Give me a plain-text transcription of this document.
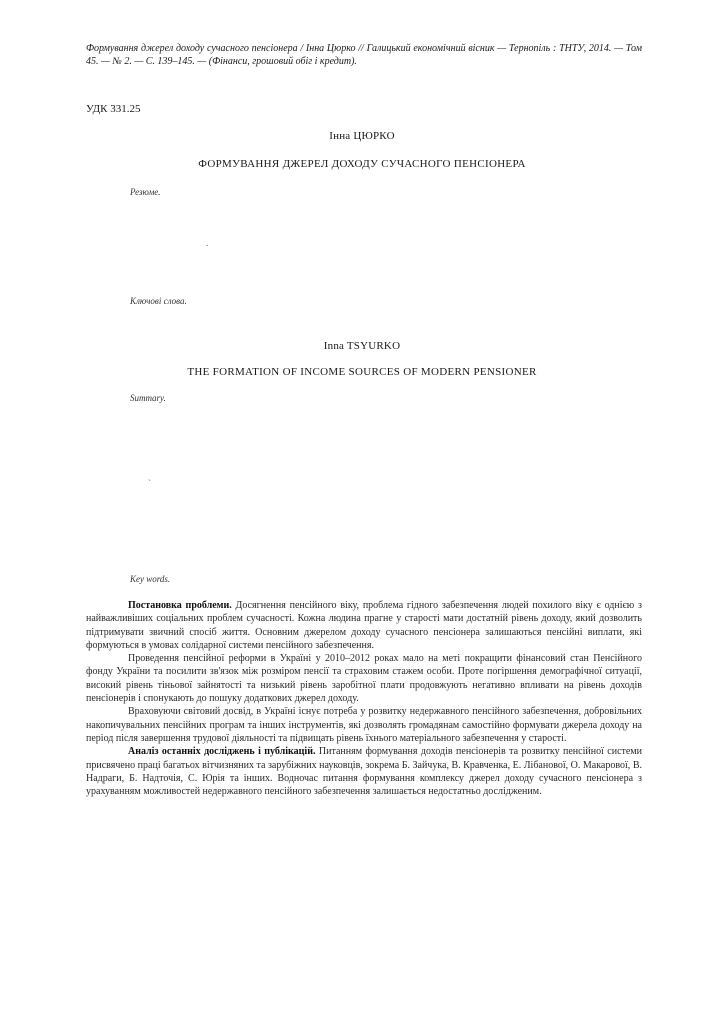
Формування джерел доходу сучасного пенсіонера / Інна Цюрко // Галицький економічний вісник — Тернопіль : ТНТУ, 2014. — Том 45. — № 2. — С. 139–145. — (Фінанси, грошовий обіг і кредит).
УДК 331.25
Інна ЦЮРКО
ФОРМУВАННЯ ДЖЕРЕЛ ДОХОДУ СУЧАСНОГО ПЕНСІОНЕРА
Резюме.
.
Ключові слова.
Inna TSYURKO
THE FORMATION OF INCOME SOURCES OF MODERN PENSIONER
Summary.
`
Key words.

Постановка проблеми. Досягнення пенсійного віку, проблема гідного забезпечення людей похилого віку є однією з найважливіших соціальних проблем сучасності. Кожна людина прагне у старості мати достатній рівень доходу, який дозволить підтримувати звичний спосіб життя. Основним джерелом доходу сучасного пенсіонера залишаються пенсійні виплати, які формуються в умовах солідарної системи пенсійного забезпечення.

Проведення пенсійної реформи в Україні у 2010–2012 роках мало на меті покращити фінансовий стан Пенсійного фонду України та посилити зв'язок між розміром пенсії та страховим стажем особи. Проте погіршення демографічної ситуації, високий рівень тіньової зайнятості та низький рівень заробітної плати продовжують негативно впливати на рівень доходів пенсіонерів і спонукають до пошуку додаткових джерел доходу.

Враховуючи світовий досвід, в Україні існує потреба у розвитку недержавного пенсійного забезпечення, добровільних накопичувальних пенсійних програм та інших інструментів, які дозволять громадянам самостійно формувати джерела доходу на період після завершення трудової діяльності та підвищать рівень їхнього матеріального забезпечення у старості.

Аналіз останніх досліджень і публікацій. Питанням формування доходів пенсіонерів та розвитку пенсійної системи присвячено праці багатьох вітчизняних та зарубіжних науковців, зокрема Б. Зайчука, В. Кравченка, Е. Лібанової, О. Макарової, В. Надраги, Б. Надточія, С. Юрія та інших. Водночас питання формування комплексу джерел доходу сучасного пенсіонера з урахуванням можливостей недержавного пенсійного забезпечення залишається недостатньо дослідженим.
